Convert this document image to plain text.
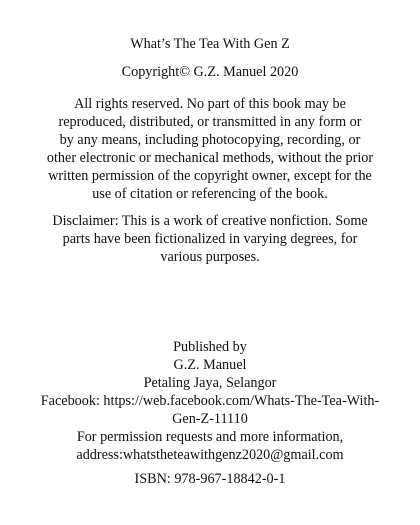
What’s The Tea With Gen Z
Copyright© G.Z. Manuel 2020
All rights reserved. No part of this book may be
reproduced, distributed, or transmitted in any form or
by any means, including photocopying, recording, or
other electronic or mechanical methods, without the prior
written permission of the copyright owner, except for the
use of citation or referencing of the book.
Disclaimer: This is a work of creative nonfiction. Some
parts have been fictionalized in varying degrees, for
various purposes.
Published by
G.Z. Manuel
Petaling Jaya, Selangor
Facebook: https://web.facebook.com/Whats-The-Tea-With-
Gen-Z-11110
For permission requests and more information,
address:whatstheteawithgenz2020@gmail.com
ISBN: 978-967-18842-0-1
